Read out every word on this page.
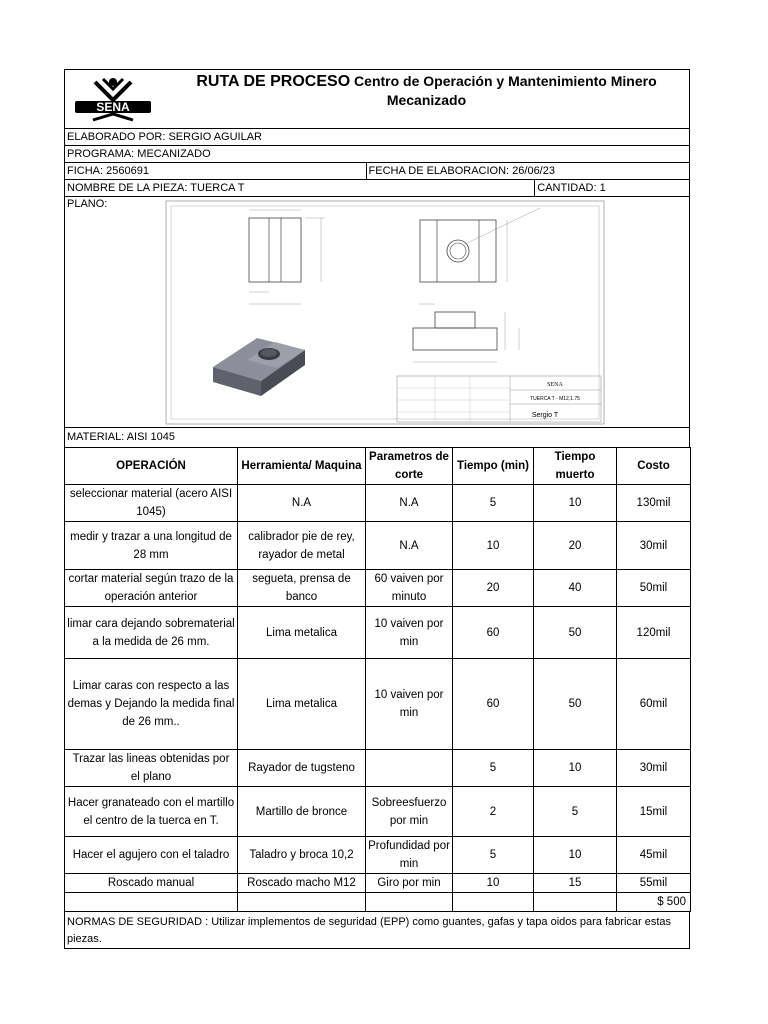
SENA
RUTA DE PROCESO Centro de Operación y Mantenimiento Minero
Mecanizado
ELABORADO POR: SERGIO AGUILAR
PROGRAMA: MECANIZADO
FICHA: 2560691	FECHA DE ELABORACION: 26/06/23
NOMBRE DE LA PIEZA: TUERCA T	CANTIDAD: 1
PLANO:
SENA
TUERCA T - M12,1.75
Sergio T
MATERIAL: AISI 1045
OPERACIÓN	Herramienta/ Maquina	Parametros de corte	Tiempo (min)	Tiempo muerto	Costo
seleccionar material (acero AISI 1045)	N.A	N.A	5	10	130mil
medir y trazar a una longitud de 28 mm	calibrador pie de rey, rayador de metal	N.A	10	20	30mil
cortar material según trazo de la operación anterior	segueta, prensa de banco	60 vaiven por minuto	20	40	50mil
limar cara dejando sobrematerial a la medida de 26 mm.	Lima metalica	10 vaiven por min	60	50	120mil
Limar caras con respecto a las demas y Dejando la medida final de 26 mm..	Lima metalica	10 vaiven por min	60	50	60mil
Trazar las lineas obtenidas por el plano	Rayador de tugsteno		5	10	30mil
Hacer granateado con el martillo el centro de la tuerca en T.	Martillo de bronce	Sobreesfuerzo por min	2	5	15mil
Hacer el agujero con el taladro	Taladro y broca 10,2	Profundidad por min	5	10	45mil
Roscado manual	Roscado macho M12	Giro por min	10	15	55mil
					$ 500
NORMAS DE SEGURIDAD : Utilizar implementos de seguridad (EPP) como guantes, gafas y tapa oidos para fabricar estas piezas.
